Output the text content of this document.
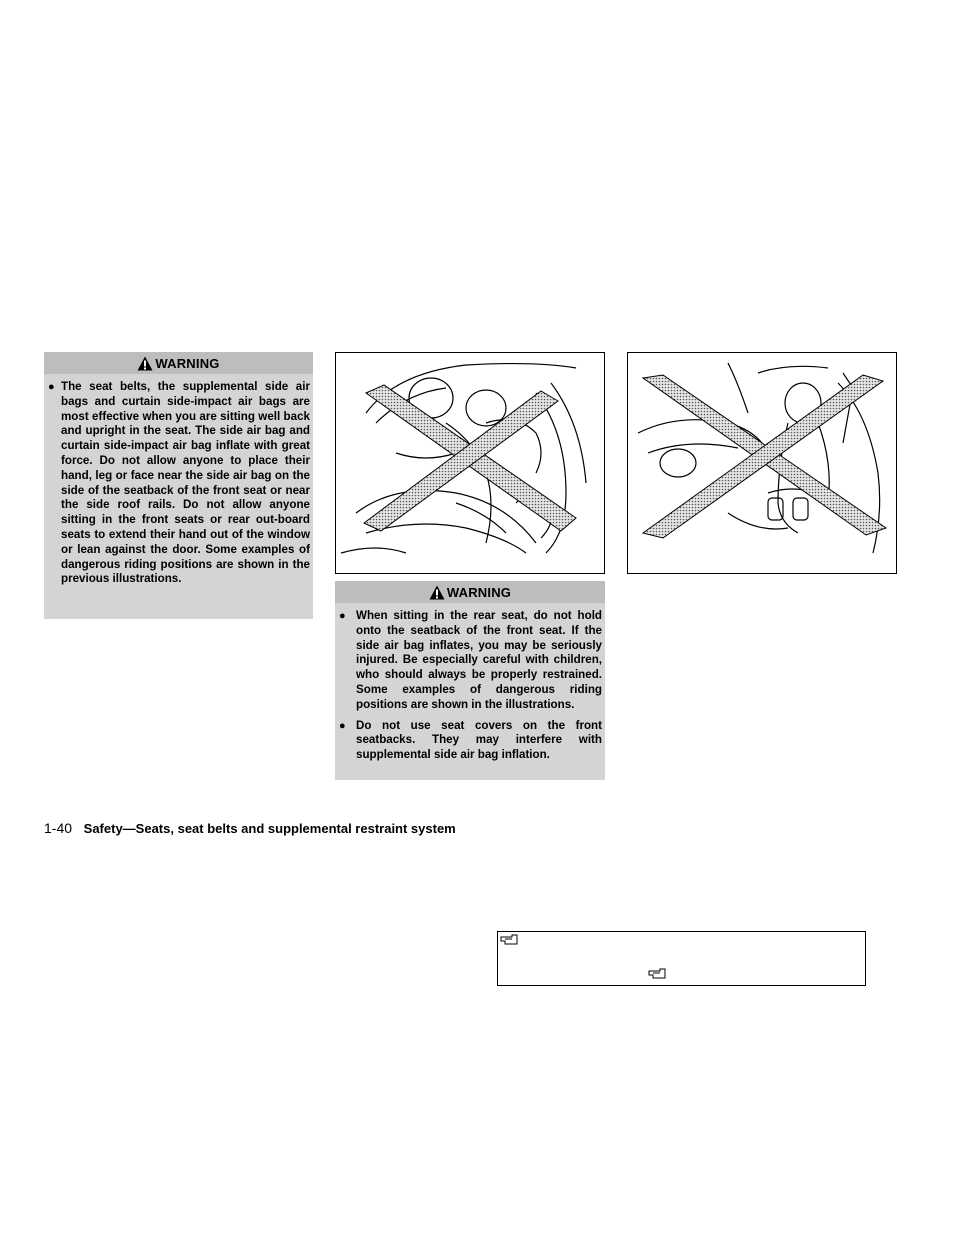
WARNING
● The seat belts, the supplemental side air bags and curtain side-impact air bags are most effective when you are sitting well back and upright in the seat. The side air bag and curtain side-impact air bag inflate with great force. Do not allow anyone to place their hand, leg or face near the side air bag on the side of the seatback of the front seat or near the side roof rails. Do not allow anyone sitting in the front seats or rear out-board seats to extend their hand out of the window or lean against the door. Some examples of dangerous riding positions are shown in the previous illustrations.
WARNING
● When sitting in the rear seat, do not hold onto the seatback of the front seat. If the side air bag inflates, you may be seriously injured. Be especially careful with children, who should always be properly restrained. Some examples of dangerous riding positions are shown in the illustrations.
● Do not use seat covers on the front seatbacks. They may interfere with supplemental side air bag inflation.
1-40 Safety—Seats, seat belts and supplemental restraint system
